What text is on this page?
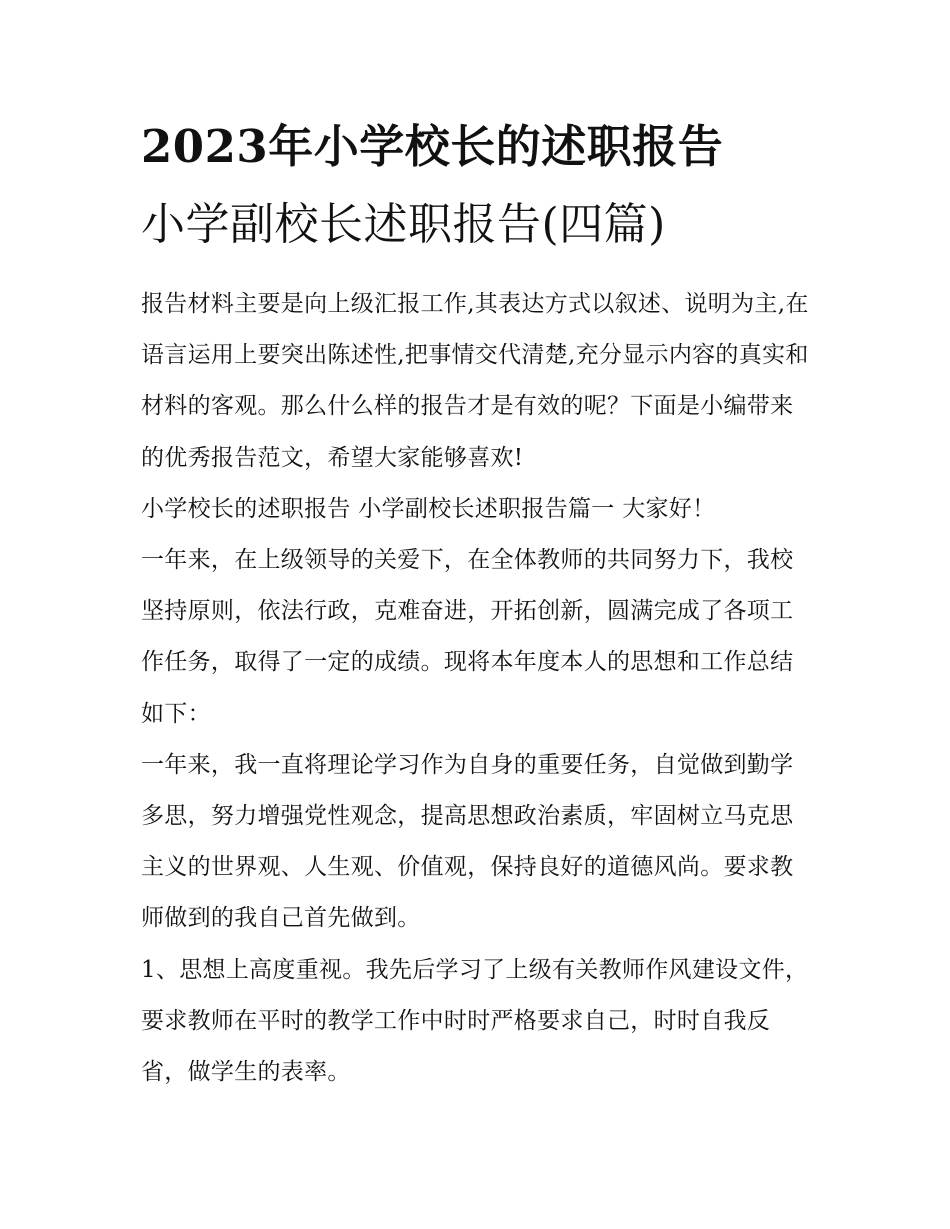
2023年小学校长的述职报告
小学副校长述职报告(四篇)

报告材料主要是向上级汇报工作,其表达方式以叙述、说明为主,在语言运用上要突出陈述性,把事情交代清楚,充分显示内容的真实和材料的客观。那么什么样的报告才是有效的呢？下面是小编带来的优秀报告范文，希望大家能够喜欢!

小学校长的述职报告 小学副校长述职报告篇一 大家好！

一年来，在上级领导的关爱下，在全体教师的共同努力下，我校坚持原则，依法行政，克难奋进，开拓创新，圆满完成了各项工作任务，取得了一定的成绩。现将本年度本人的思想和工作总结如下：

一年来，我一直将理论学习作为自身的重要任务，自觉做到勤学多思，努力增强党性观念，提高思想政治素质，牢固树立马克思主义的世界观、人生观、价值观，保持良好的道德风尚。要求教师做到的我自己首先做到。

1、思想上高度重视。我先后学习了上级有关教师作风建设文件， 要求教师在平时的教学工作中时时严格要求自己，时时自我反省，做学生的表率。
